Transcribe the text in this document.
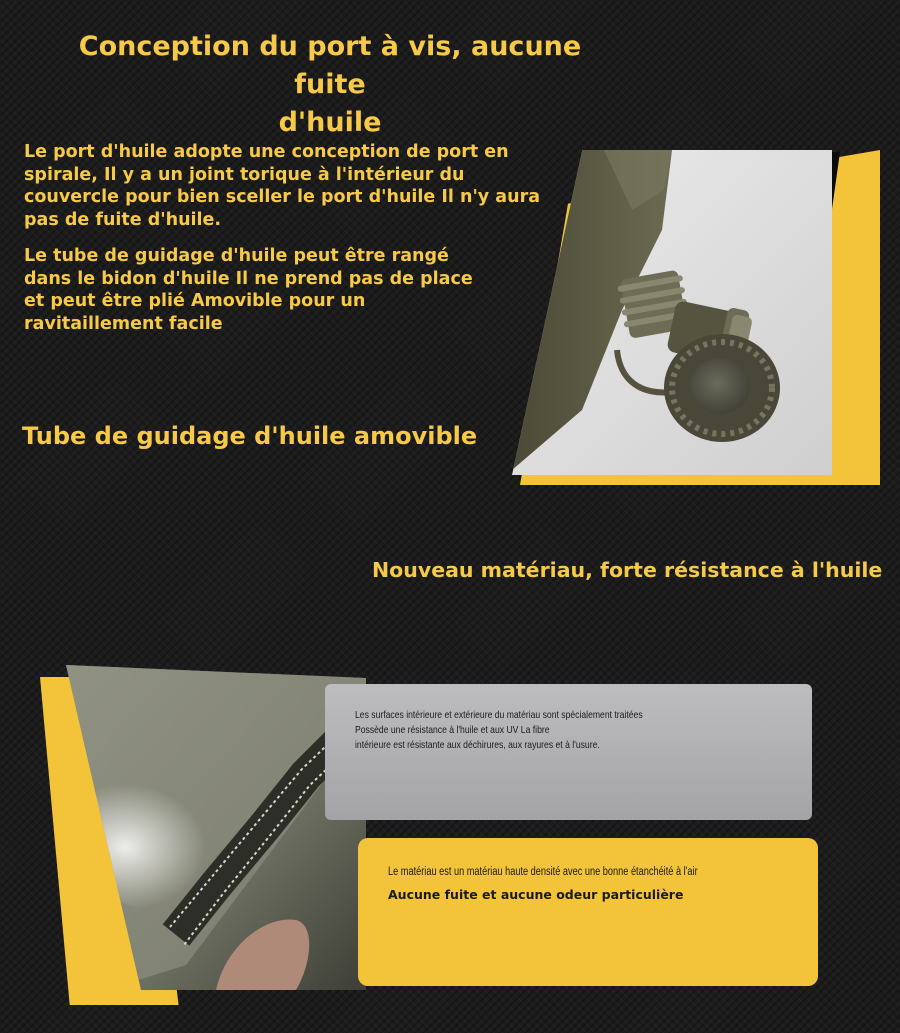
Conception du port à vis, aucune fuite
d'huile
Le port d'huile adopte une conception de port en
spirale, Il y a un joint torique à l'intérieur du
couvercle pour bien sceller le port d'huile Il n'y aura
pas de fuite d'huile.
Le tube de guidage d'huile peut être rangé
dans le bidon d'huile Il ne prend pas de place
et peut être plié Amovible pour un
ravitaillement facile
Tube de guidage d'huile amovible
Nouveau matériau, forte résistance à l'huile
Les surfaces intérieure et extérieure du matériau sont spécialement traitées
Possède une résistance à l'huile et aux UV La fibre
intérieure est résistante aux déchirures, aux rayures et à l'usure.
Le matériau est un matériau haute densité avec une bonne étanchéité à l'air
Aucune fuite et aucune odeur particulière
